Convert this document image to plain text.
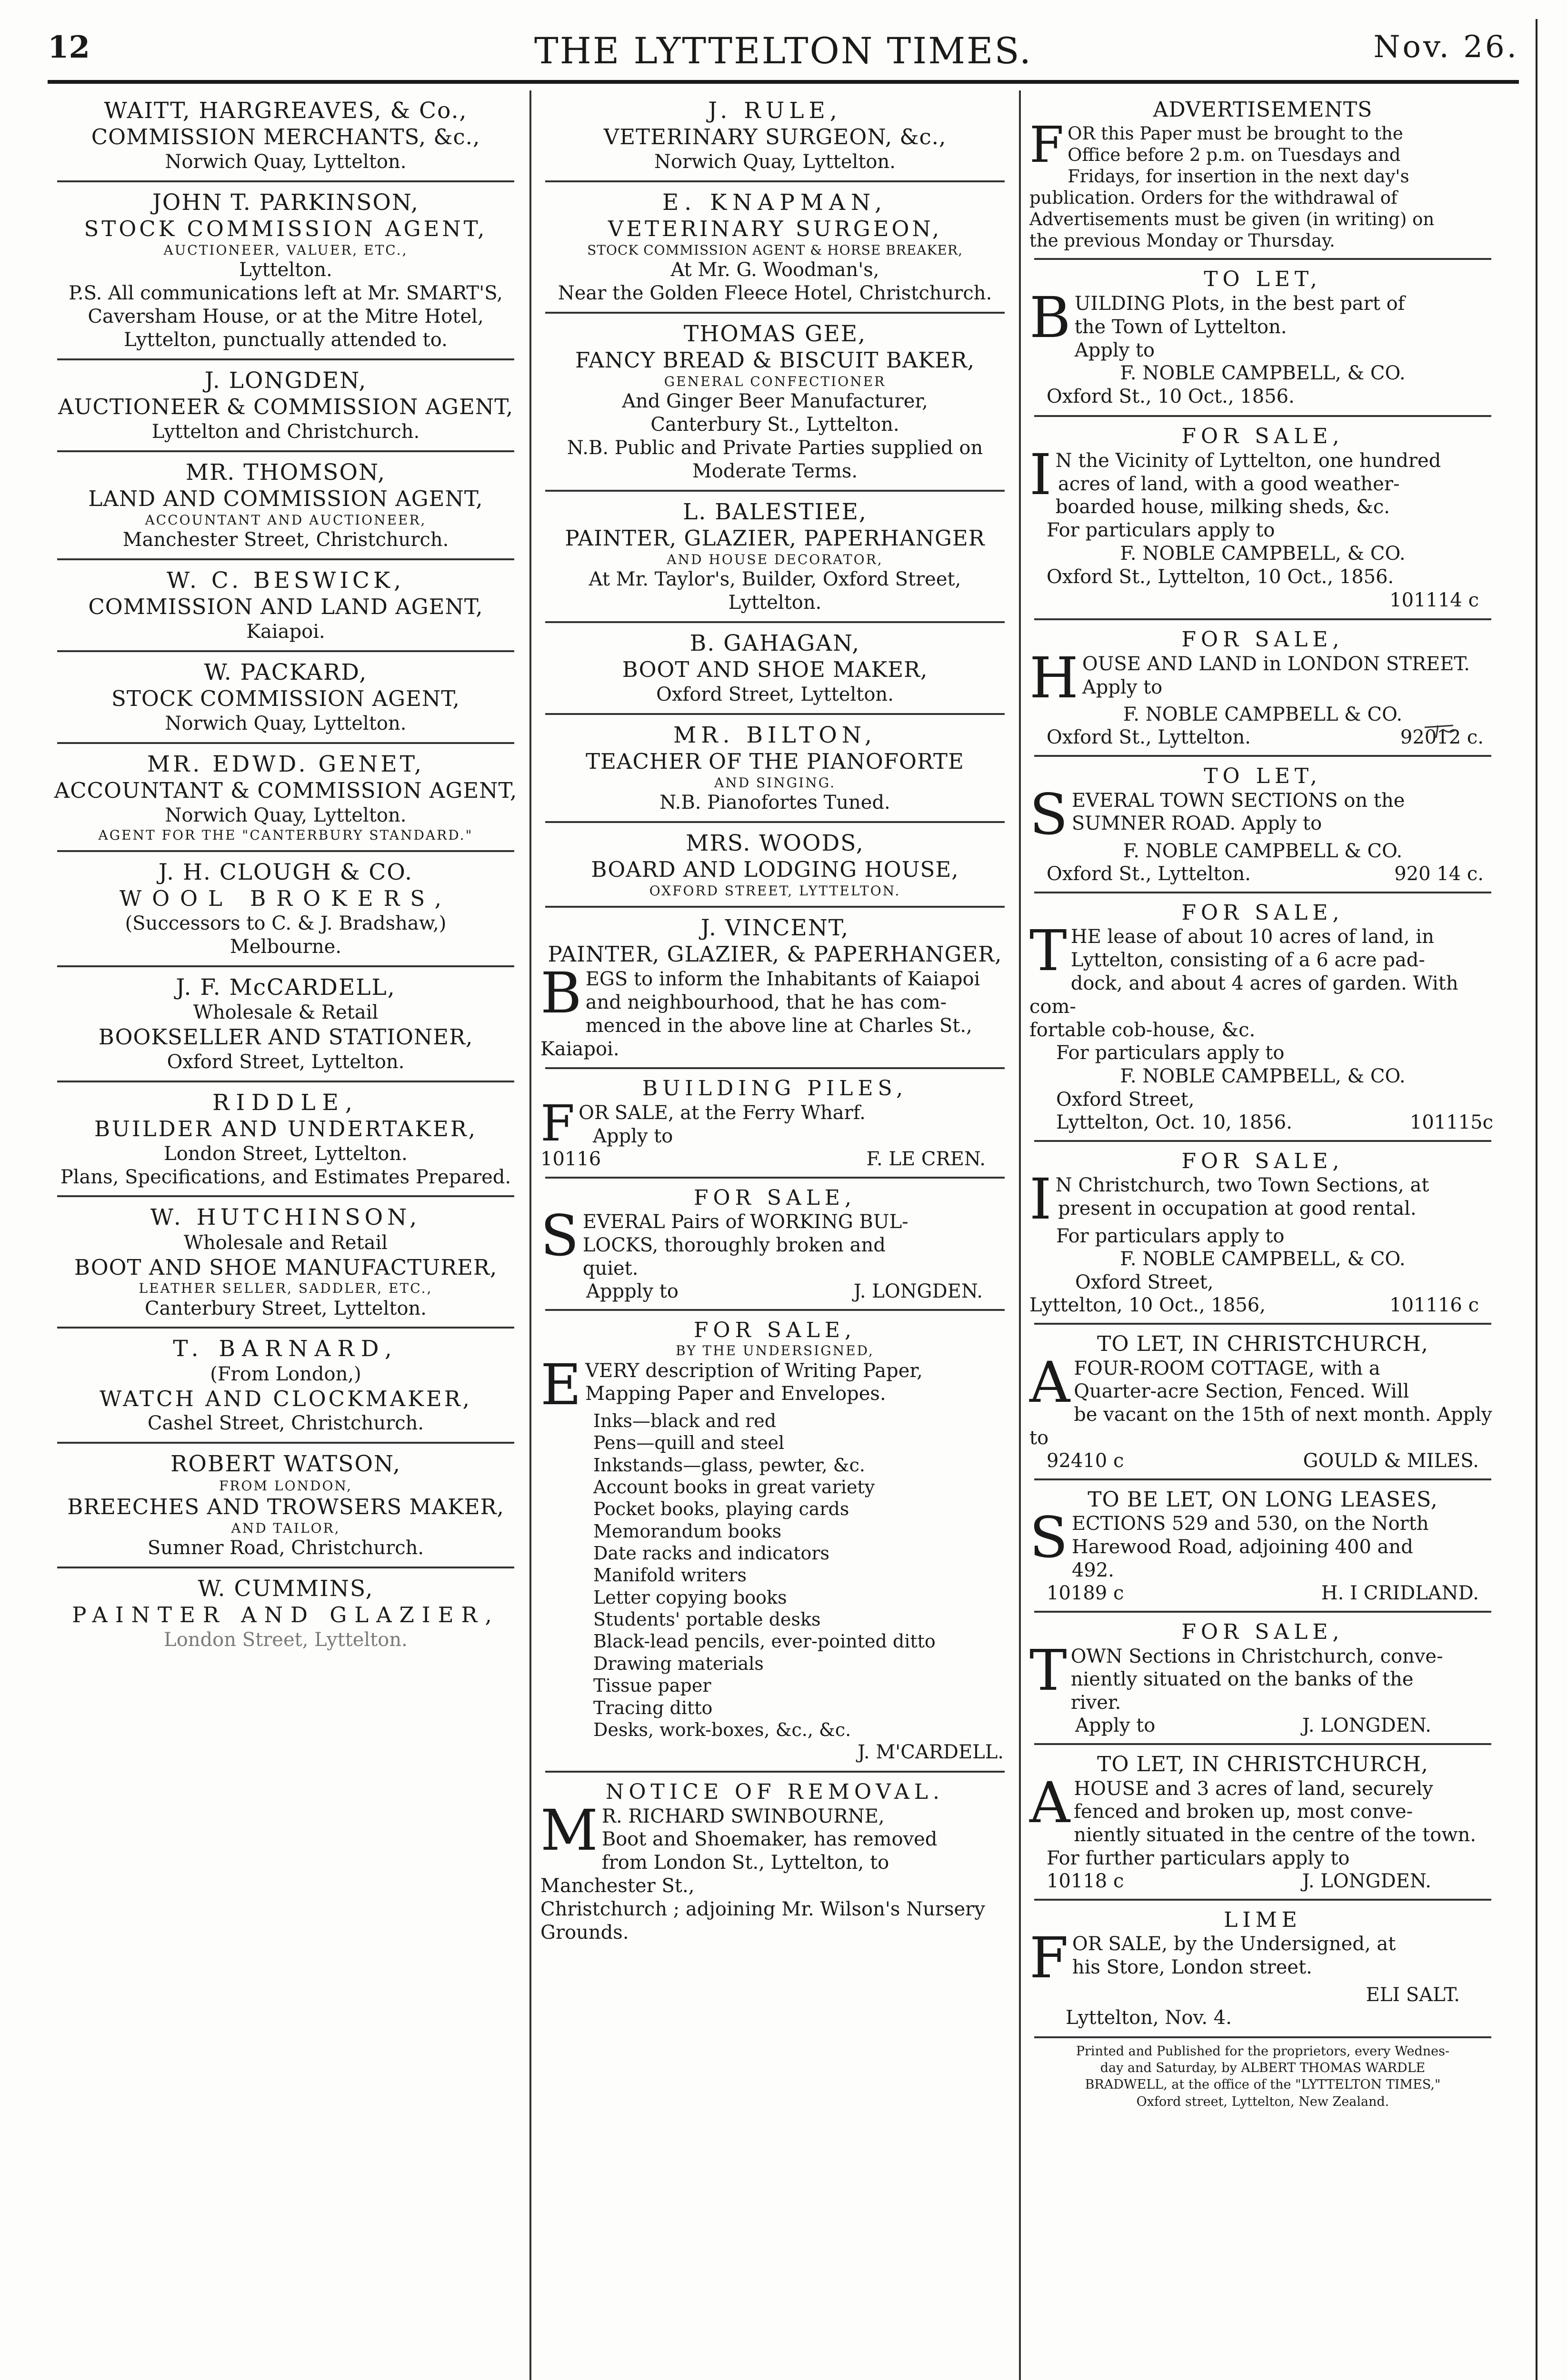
THE LYTTELTON TIMES.
12	Nov. 26.

WAITT, HARGREAVES, & Co.,

COMMISSION MERCHANTS, &c.,

Norwich Quay, Lyttelton.

JOHN T. PARKINSON,

STOCK COMMISSION AGENT,

AUCTIONEER, VALUER, ETC.,

Lyttelton.

P.S. All communications left at Mr. SMART'S,

Caversham House, or at the Mitre Hotel,

Lyttelton, punctually attended to.

J. LONGDEN,

AUCTIONEER & COMMISSION AGENT,

Lyttelton and Christchurch.

MR. THOMSON,

LAND AND COMMISSION AGENT,

ACCOUNTANT AND AUCTIONEER,

Manchester Street, Christchurch.

W. C. BESWICK,

COMMISSION AND LAND AGENT,

Kaiapoi.

W. PACKARD,

STOCK COMMISSION AGENT,

Norwich Quay, Lyttelton.

MR. EDWD. GENET,

ACCOUNTANT & COMMISSION AGENT,

Norwich Quay, Lyttelton.

AGENT FOR THE "CANTERBURY STANDARD."

J. H. CLOUGH & CO.

WOOL BROKERS,

(Successors to C. & J. Bradshaw,)

Melbourne.

J. F. McCARDELL,

Wholesale & Retail

BOOKSELLER AND STATIONER,

Oxford Street, Lyttelton.

RIDDLE,

BUILDER AND UNDERTAKER,

London Street, Lyttelton.

Plans, Specifications, and Estimates Prepared.

W. HUTCHINSON,

Wholesale and Retail

BOOT AND SHOE MANUFACTURER,

LEATHER SELLER, SADDLER, ETC.,

Canterbury Street, Lyttelton.

T. BARNARD,

(From London,)

WATCH AND CLOCKMAKER,

Cashel Street, Christchurch.

ROBERT WATSON,

FROM LONDON,

BREECHES AND TROWSERS MAKER,

AND TAILOR,

Sumner Road, Christchurch.

W. CUMMINS,

PAINTER AND GLAZIER,

London Street, Lyttelton.

J. RULE,

VETERINARY SURGEON, &c.,

Norwich Quay, Lyttelton.

E. KNAPMAN,

VETERINARY SURGEON,

STOCK COMMISSION AGENT & HORSE BREAKER,

At Mr. G. Woodman's,

Near the Golden Fleece Hotel, Christchurch.

THOMAS GEE,

FANCY BREAD & BISCUIT BAKER,

GENERAL CONFECTIONER

And Ginger Beer Manufacturer,

Canterbury St., Lyttelton.

N.B. Public and Private Parties supplied on

Moderate Terms.

L. BALESTIEE,

PAINTER, GLAZIER, PAPERHANGER

AND HOUSE DECORATOR,

At Mr. Taylor's, Builder, Oxford Street,

Lyttelton.

B. GAHAGAN,

BOOT AND SHOE MAKER,

Oxford Street, Lyttelton.

MR. BILTON,

TEACHER OF THE PIANOFORTE

AND SINGING.

N.B. Pianofortes Tuned.

MRS. WOODS,

BOARD AND LODGING HOUSE,

OXFORD STREET, LYTTELTON.

J. VINCENT,

PAINTER, GLAZIER, & PAPERHANGER,

B EGS to inform the Inhabitants of Kaiapoi

and neighbourhood, that he has com-

menced in the above line at Charles St.,

Kaiapoi.

BUILDING PILES,

F OR SALE, at the Ferry Wharf.

Apply to

10116	F. LE CREN.

FOR SALE,

S EVERAL Pairs of WORKING BUL-

LOCKS, thoroughly broken and

quiet.

Appply to	J. LONGDEN.

FOR SALE,

BY THE UNDERSIGNED,

E VERY description of Writing Paper,

Mapping Paper and Envelopes.

Inks—black and red

Pens—quill and steel

Inkstands—glass, pewter, &c.

Account books in great variety

Pocket books, playing cards

Memorandum books

Date racks and indicators

Manifold writers

Letter copying books

Students' portable desks

Black-lead pencils, ever-pointed ditto

Drawing materials

Tissue paper

Tracing ditto

Desks, work-boxes, &c., &c.

J. M'CARDELL.

NOTICE OF REMOVAL.

M R. RICHARD SWINBOURNE,

Boot and Shoemaker, has removed

from London St., Lyttelton, to Manchester St.,

Christchurch ; adjoining Mr. Wilson's Nursery

Grounds.

ADVERTISEMENTS

F OR this Paper must be brought to the

Office before 2 p.m. on Tuesdays and

Fridays, for insertion in the next day's

publication. Orders for the withdrawal of

Advertisements must be given (in writing) on

the previous Monday or Thursday.

TO LET,

B UILDING Plots, in the best part of

the Town of Lyttelton.

Apply to

F. NOBLE CAMPBELL, & CO.

Oxford St., 10 Oct., 1856.

FOR SALE,

I N the Vicinity of Lyttelton, one hundred

acres of land, with a good weather-

boarded house, milking sheds, &c.

For particulars apply to

F. NOBLE CAMPBELL, & CO.

Oxford St., Lyttelton, 10 Oct., 1856.

101114 c

FOR SALE,

H OUSE AND LAND in LONDON STREET.

Apply to

F. NOBLE CAMPBELL & CO.

Oxford St., Lyttelton.	92012 c.

TO LET,

S EVERAL TOWN SECTIONS on the

SUMNER ROAD. Apply to

F. NOBLE CAMPBELL & CO.

Oxford St., Lyttelton.	920 14 c.

FOR SALE,

T HE lease of about 10 acres of land, in

Lyttelton, consisting of a 6 acre pad-

dock, and about 4 acres of garden. With com-

fortable cob-house, &c.

For particulars apply to

F. NOBLE CAMPBELL, & CO.

Oxford Street,

Lyttelton, Oct. 10, 1856.	101115c

FOR SALE,

I N Christchurch, two Town Sections, at

present in occupation at good rental.

For particulars apply to

F. NOBLE CAMPBELL, & CO.

Oxford Street,

Lyttelton, 10 Oct., 1856,	101116 c

TO LET, IN CHRISTCHURCH,

A FOUR-ROOM COTTAGE, with a

Quarter-acre Section, Fenced. Will

be vacant on the 15th of next month. Apply to

92410 c	GOULD & MILES.

TO BE LET, ON LONG LEASES,

S ECTIONS 529 and 530, on the North

Harewood Road, adjoining 400 and

492.

10189 c	H. I CRIDLAND.

FOR SALE,

T OWN Sections in Christchurch, conve-

niently situated on the banks of the

river.

Apply to	J. LONGDEN.

TO LET, IN CHRISTCHURCH,

A HOUSE and 3 acres of land, securely

fenced and broken up, most conve-

niently situated in the centre of the town.

For further particulars apply to

10118 c	J. LONGDEN.

LIME

F OR SALE, by the Undersigned, at

his Store, London street.

ELI SALT.

Lyttelton, Nov. 4.

Printed and Published for the proprietors, every Wednes-

day and Saturday, by ALBERT THOMAS WARDLE

BRADWELL, at the office of the "LYTTELTON TIMES,"

Oxford street, Lyttelton, New Zealand.
